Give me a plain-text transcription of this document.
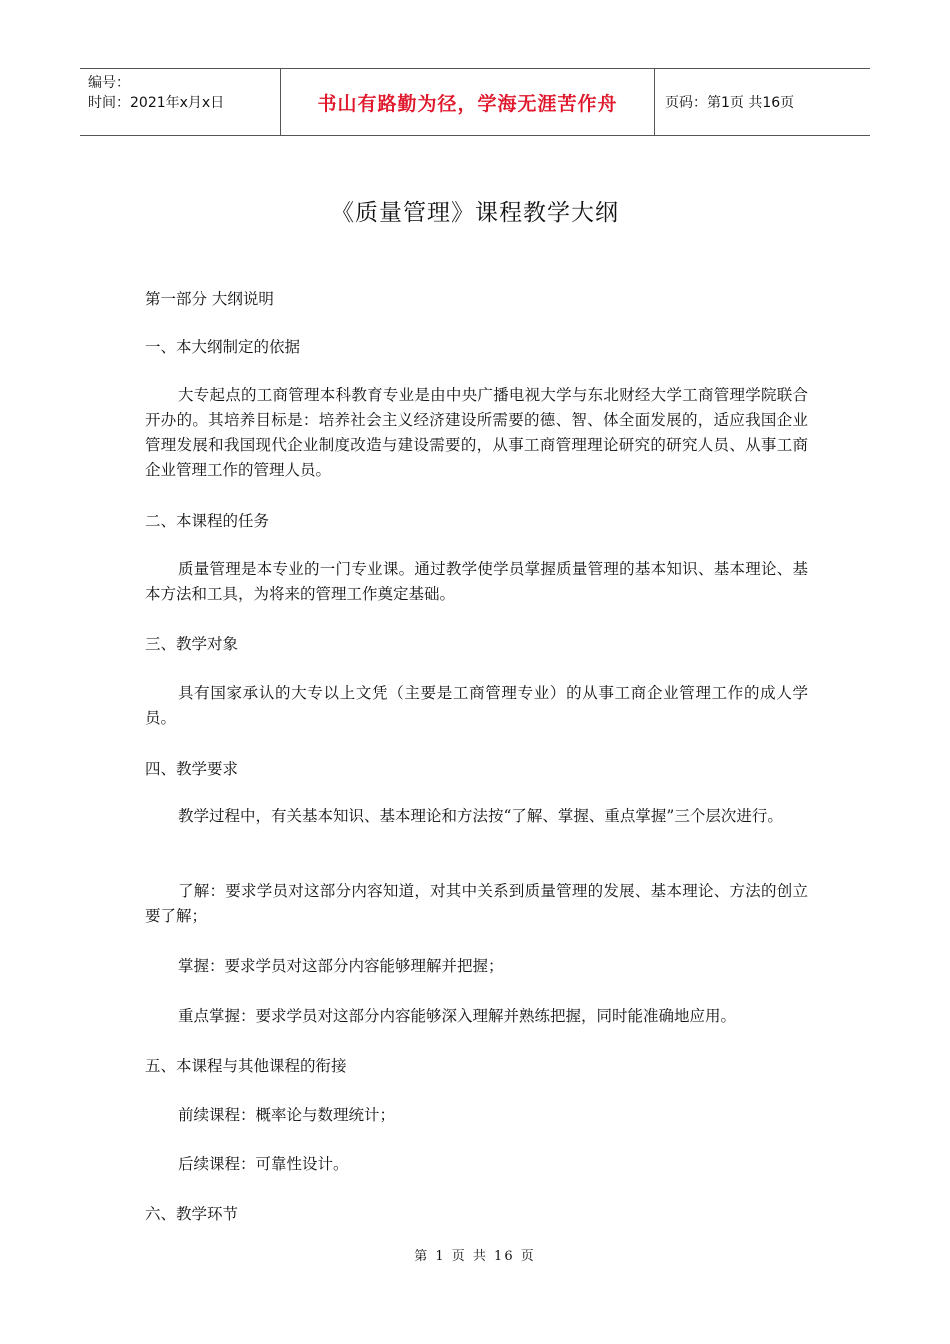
编号：
时间：2021年x月x日	书山有路勤为径，学海无涯苦作舟	页码：第1页 共16页
《质量管理》课程教学大纲

第一部分 大纲说明

一、本大纲制定的依据

大专起点的工商管理本科教育专业是由中央广播电视大学与东北财经大学工商管理学院联合开办的。其培养目标是：培养社会主义经济建设所需要的德、智、体全面发展的，适应我国企业管理发展和我国现代企业制度改造与建设需要的，从事工商管理理论研究的研究人员、从事工商企业管理工作的管理人员。

二、本课程的任务

质量管理是本专业的一门专业课。通过教学使学员掌握质量管理的基本知识、基本理论、基本方法和工具，为将来的管理工作奠定基础。

三、教学对象

具有国家承认的大专以上文凭（主要是工商管理专业）的从事工商企业管理工作的成人学员。

四、教学要求

教学过程中，有关基本知识、基本理论和方法按“了解、掌握、重点掌握”三个层次进行。

了解：要求学员对这部分内容知道，对其中关系到质量管理的发展、基本理论、方法的创立要了解；

掌握：要求学员对这部分内容能够理解并把握；

重点掌握：要求学员对这部分内容能够深入理解并熟练把握，同时能准确地应用。

五、本课程与其他课程的衔接

前续课程：概率论与数理统计；

后续课程：可靠性设计。

六、教学环节

第 1 页 共 16 页
